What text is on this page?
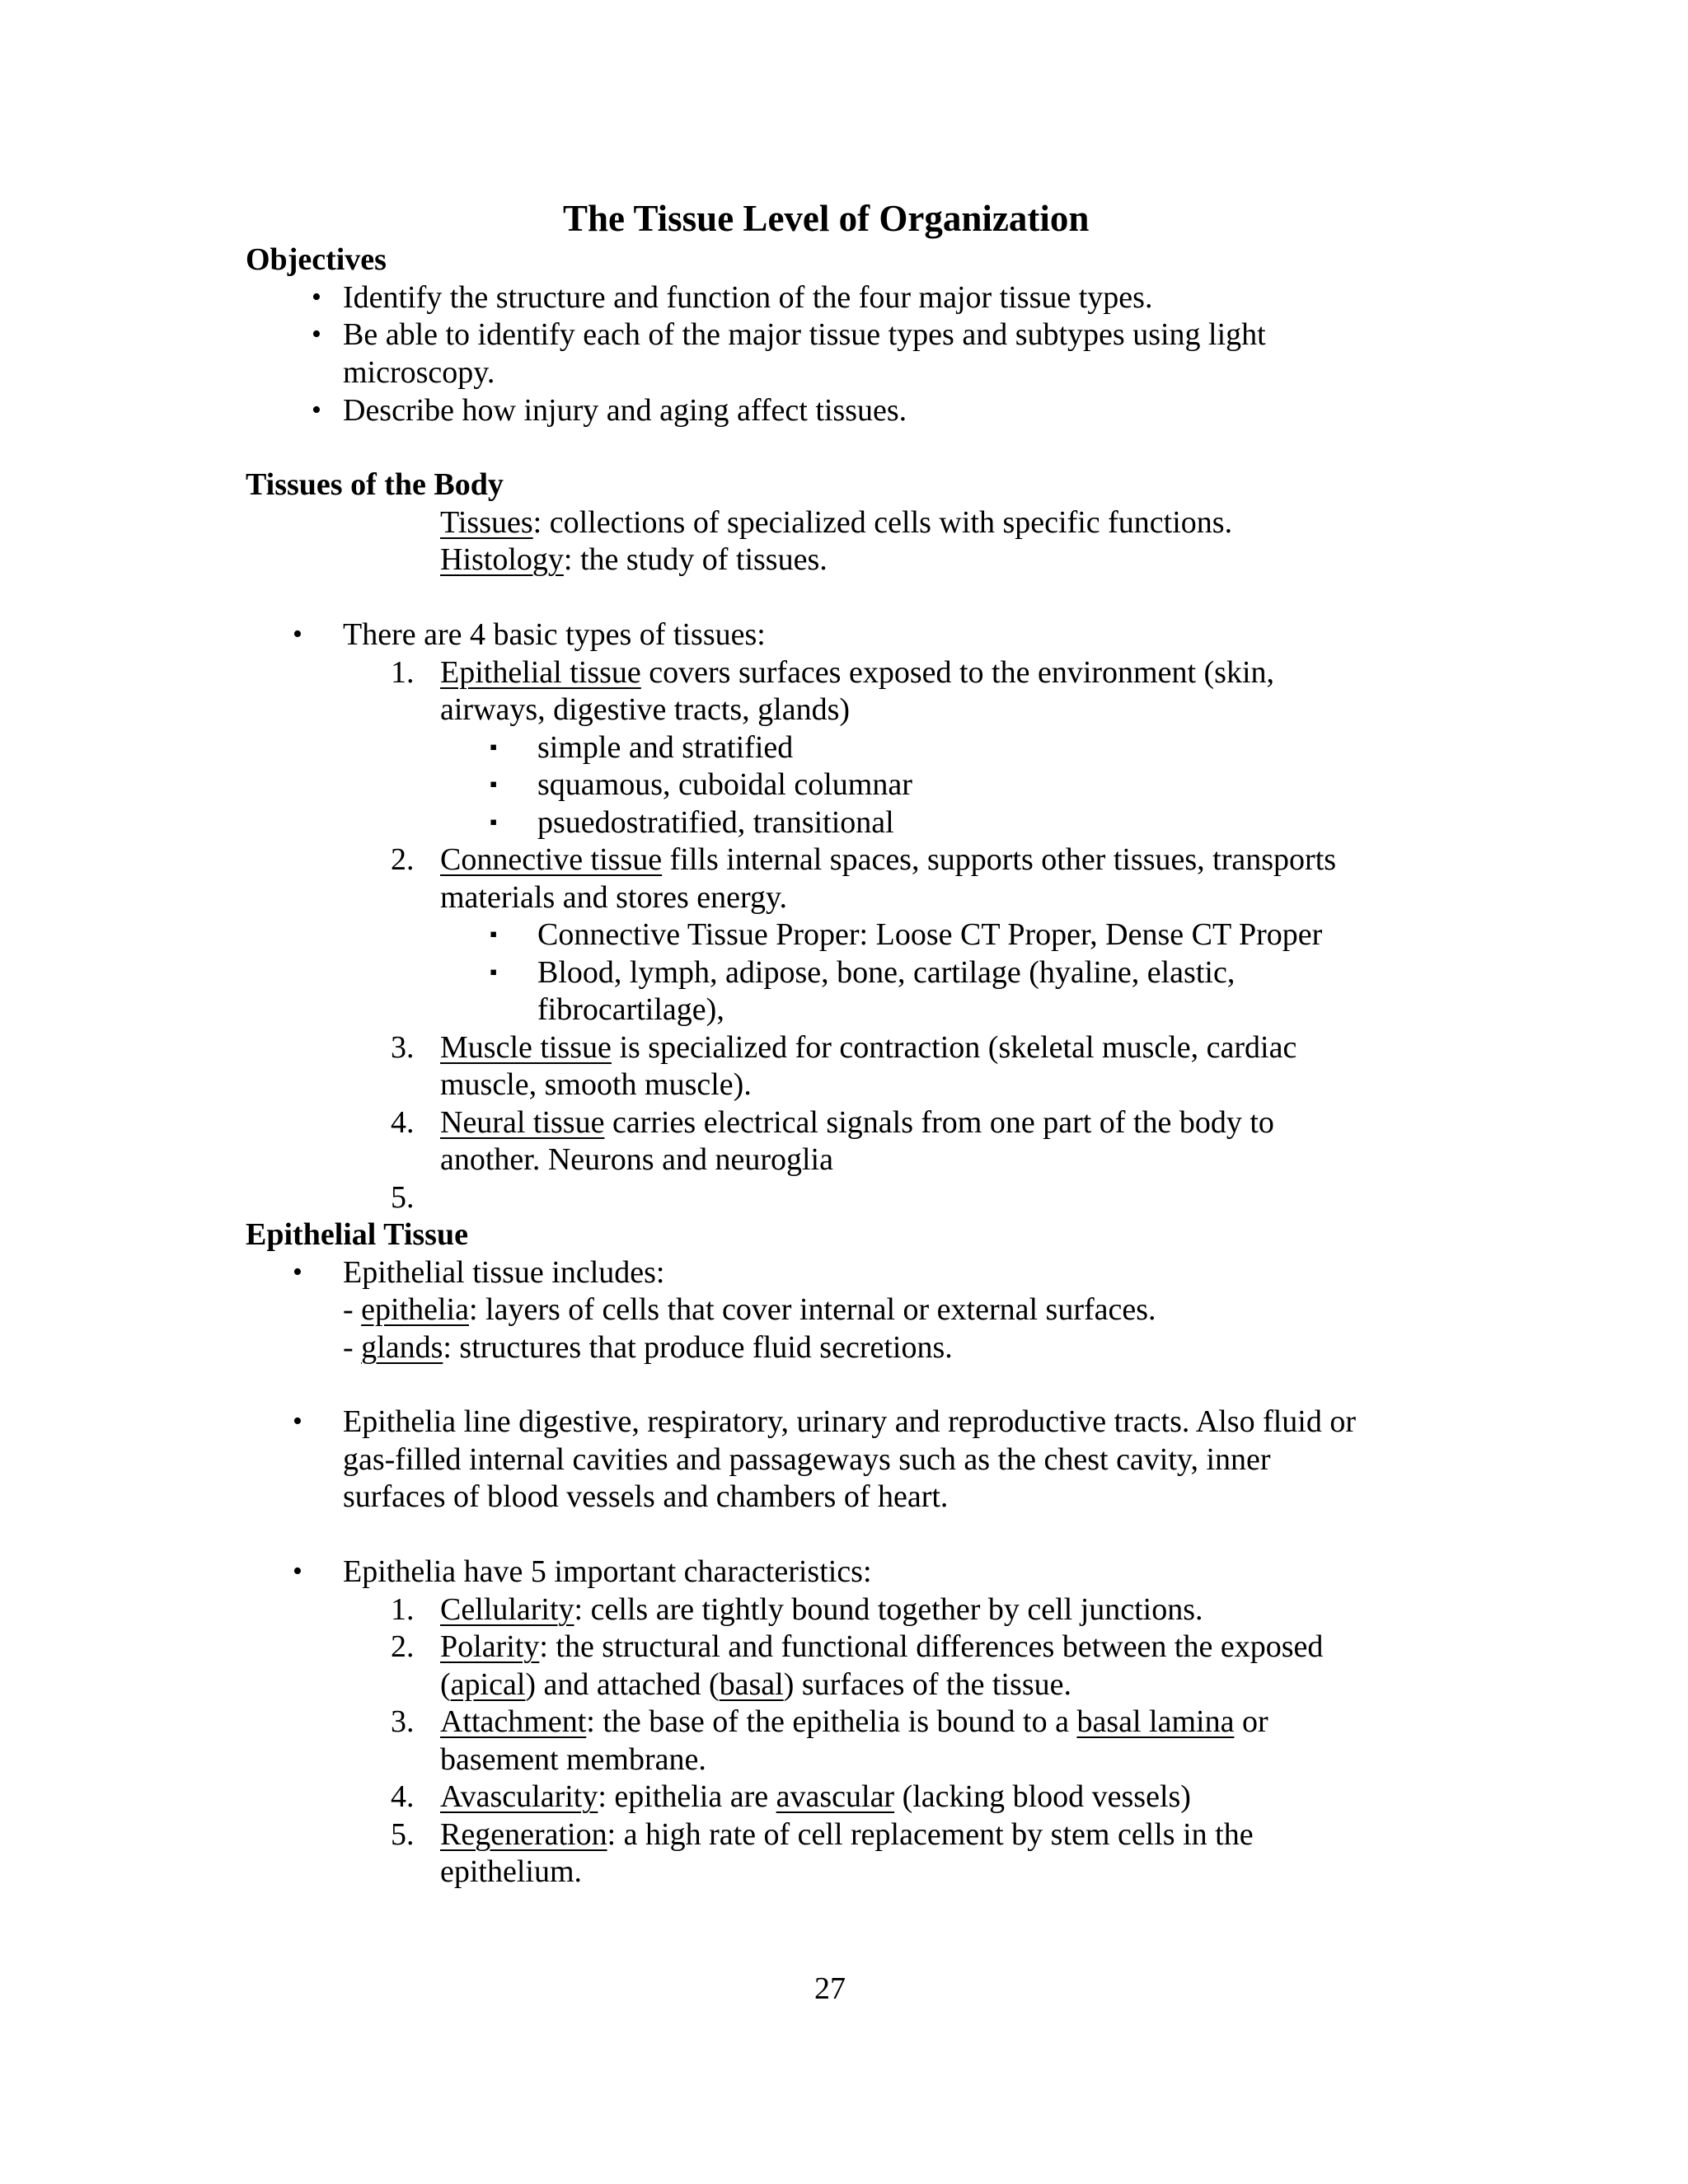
The Tissue Level of Organization
Objectives
• Identify the structure and function of the four major tissue types.
• Be able to identify each of the major tissue types and subtypes using light
microscopy.
• Describe how injury and aging affect tissues.
Tissues of the Body
Tissues: collections of specialized cells with specific functions.
Histology: the study of tissues.
• There are 4 basic types of tissues:
1. Epithelial tissue covers surfaces exposed to the environment (skin,
airways, digestive tracts, glands)
▪ simple and stratified
▪ squamous, cuboidal columnar
▪ psuedostratified, transitional
2. Connective tissue fills internal spaces, supports other tissues, transports
materials and stores energy.
▪ Connective Tissue Proper: Loose CT Proper, Dense CT Proper
▪ Blood, lymph, adipose, bone, cartilage (hyaline, elastic,
fibrocartilage),
3. Muscle tissue is specialized for contraction (skeletal muscle, cardiac
muscle, smooth muscle).
4. Neural tissue carries electrical signals from one part of the body to
another. Neurons and neuroglia
5.
Epithelial Tissue
• Epithelial tissue includes:
- epithelia: layers of cells that cover internal or external surfaces.
- glands: structures that produce fluid secretions.
• Epithelia line digestive, respiratory, urinary and reproductive tracts. Also fluid or
gas-filled internal cavities and passageways such as the chest cavity, inner
surfaces of blood vessels and chambers of heart.
• Epithelia have 5 important characteristics:
1. Cellularity: cells are tightly bound together by cell junctions.
2. Polarity: the structural and functional differences between the exposed
(apical) and attached (basal) surfaces of the tissue.
3. Attachment: the base of the epithelia is bound to a basal lamina or
basement membrane.
4. Avascularity: epithelia are avascular (lacking blood vessels)
5. Regeneration: a high rate of cell replacement by stem cells in the
epithelium.
27
